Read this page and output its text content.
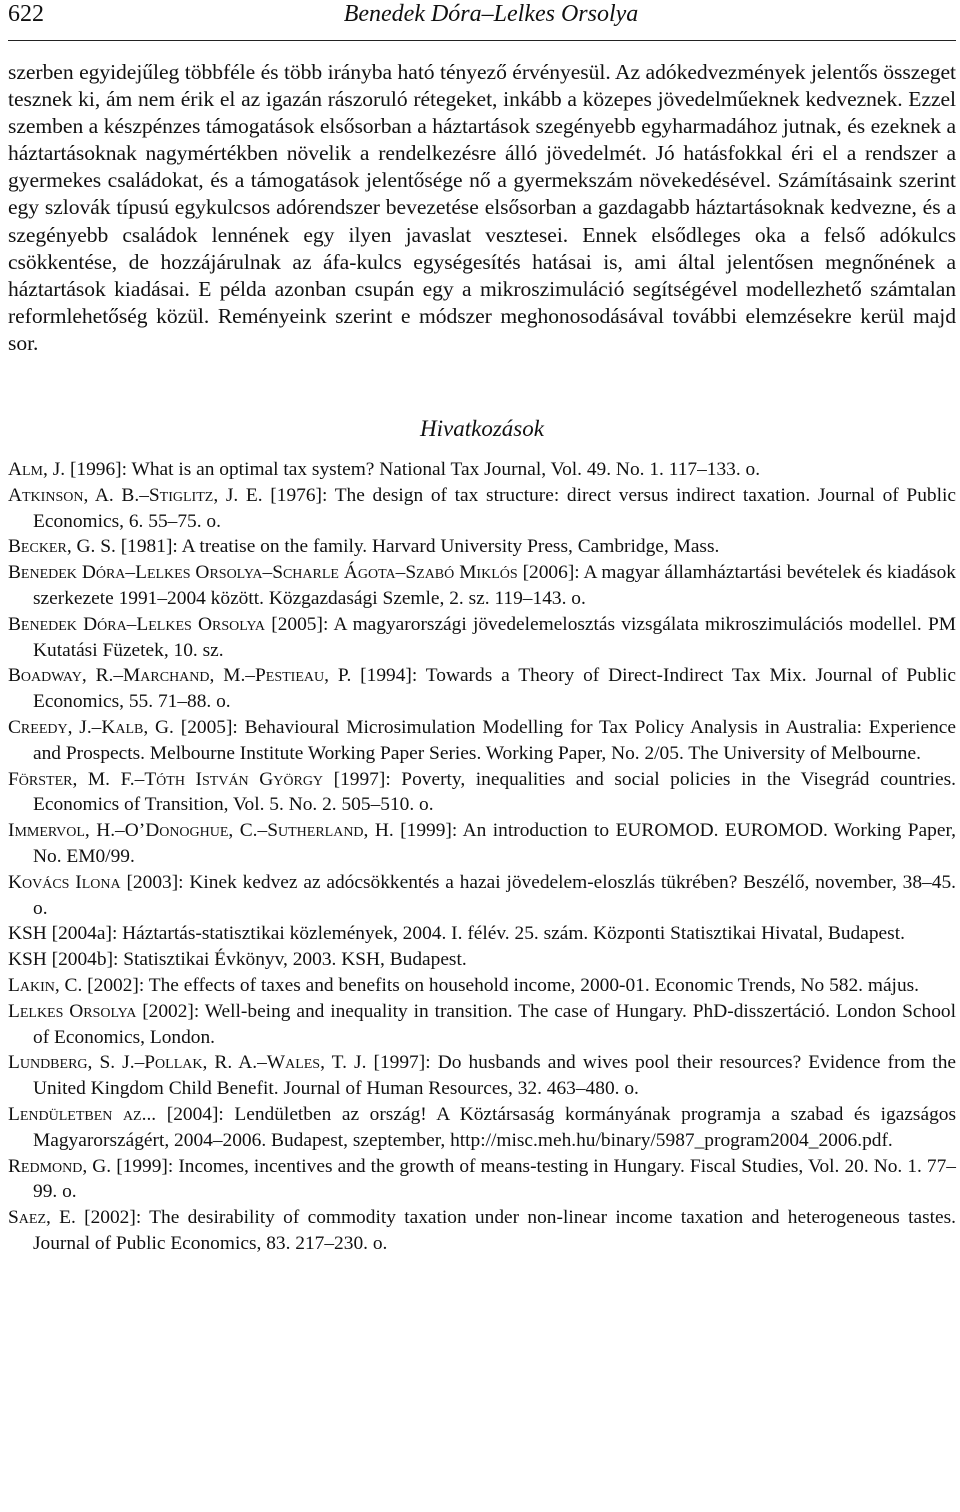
622	Benedek Dóra–Lelkes Orsolya

szerben egyidejűleg többféle és több irányba ható tényező érvényesül. Az adókedvezmények jelentős összeget tesznek ki, ám nem érik el az igazán rászoruló rétegeket, inkább a közepes jövedelműeknek kedveznek. Ezzel szemben a készpénzes támogatások elsősorban a háztartások szegényebb egyharmadához jutnak, és ezeknek a háztartásoknak nagymértékben növelik a rendelkezésre álló jövedelmét. Jó hatásfokkal éri el a rendszer a gyermekes családokat, és a támogatások jelentősége nő a gyermekszám növekedésével. Számításaink szerint egy szlovák típusú egykulcsos adórendszer bevezetése elsősorban a gazdagabb háztartásoknak kedvezne, és a szegényebb családok lennének egy ilyen javaslat vesztesei. Ennek elsődleges oka a felső adókulcs csökkentése, de hozzájárulnak az áfa-kulcs egységesítés hatásai is, ami által jelentősen megnőnének a háztartások kiadásai. E példa azonban csupán egy a mikroszimuláció segítségével modellezhető számtalan reformlehetőség közül. Reményeink szerint e módszer meghonosodásával további elemzésekre kerül majd sor.

Hivatkozások

Alm, J. [1996]: What is an optimal tax system? National Tax Journal, Vol. 49. No. 1. 117–133. o.

Atkinson, A. B.–Stiglitz, J. E. [1976]: The design of tax structure: direct versus indirect taxation. Journal of Public Economics, 6. 55–75. o.

Becker, G. S. [1981]: A treatise on the family. Harvard University Press, Cambridge, Mass.

Benedek Dóra–Lelkes Orsolya–Scharle Ágota–Szabó Miklós [2006]: A magyar államháztartási bevételek és kiadások szerkezete 1991–2004 között. Közgazdasági Szemle, 2. sz. 119–143. o.

Benedek Dóra–Lelkes Orsolya [2005]: A magyarországi jövedelemelosztás vizsgálata mikroszimulációs modellel. PM Kutatási Füzetek, 10. sz.

Boadway, R.–Marchand, M.–Pestieau, P. [1994]: Towards a Theory of Direct-Indirect Tax Mix. Journal of Public Economics, 55. 71–88. o.

Creedy, J.–Kalb, G. [2005]: Behavioural Microsimulation Modelling for Tax Policy Analysis in Australia: Experience and Prospects. Melbourne Institute Working Paper Series. Working Paper, No. 2/05. The University of Melbourne.

Förster, M. F.–Tóth István György [1997]: Poverty, inequalities and social policies in the Visegrád countries. Economics of Transition, Vol. 5. No. 2. 505–510. o.

Immervol, H.–O’Donoghue, C.–Sutherland, H. [1999]: An introduction to EUROMOD. EUROMOD. Working Paper, No. EM0/99.

Kovács Ilona [2003]: Kinek kedvez az adócsökkentés a hazai jövedelem-eloszlás tükrében? Beszélő, november, 38–45. o.

KSH [2004a]: Háztartás-statisztikai közlemények, 2004. I. félév. 25. szám. Központi Statisztikai Hivatal, Budapest.

KSH [2004b]: Statisztikai Évkönyv, 2003. KSH, Budapest.

Lakin, C. [2002]: The effects of taxes and benefits on household income, 2000-01. Economic Trends, No 582. május.

Lelkes Orsolya [2002]: Well-being and inequality in transition. The case of Hungary. PhD-disszertáció. London School of Economics, London.

Lundberg, S. J.–Pollak, R. A.–Wales, T. J. [1997]: Do husbands and wives pool their resources? Evidence from the United Kingdom Child Benefit. Journal of Human Resources, 32. 463–480. o.

Lendületben az... [2004]: Lendületben az ország! A Köztársaság kormányának programja a szabad és igazságos Magyarországért, 2004–2006. Budapest, szeptember, http://misc.meh.hu/binary/5987_program2004_2006.pdf.

Redmond, G. [1999]: Incomes, incentives and the growth of means-testing in Hungary. Fiscal Studies, Vol. 20. No. 1. 77–99. o.

Saez, E. [2002]: The desirability of commodity taxation under non-linear income taxation and heterogeneous tastes. Journal of Public Economics, 83. 217–230. o.
